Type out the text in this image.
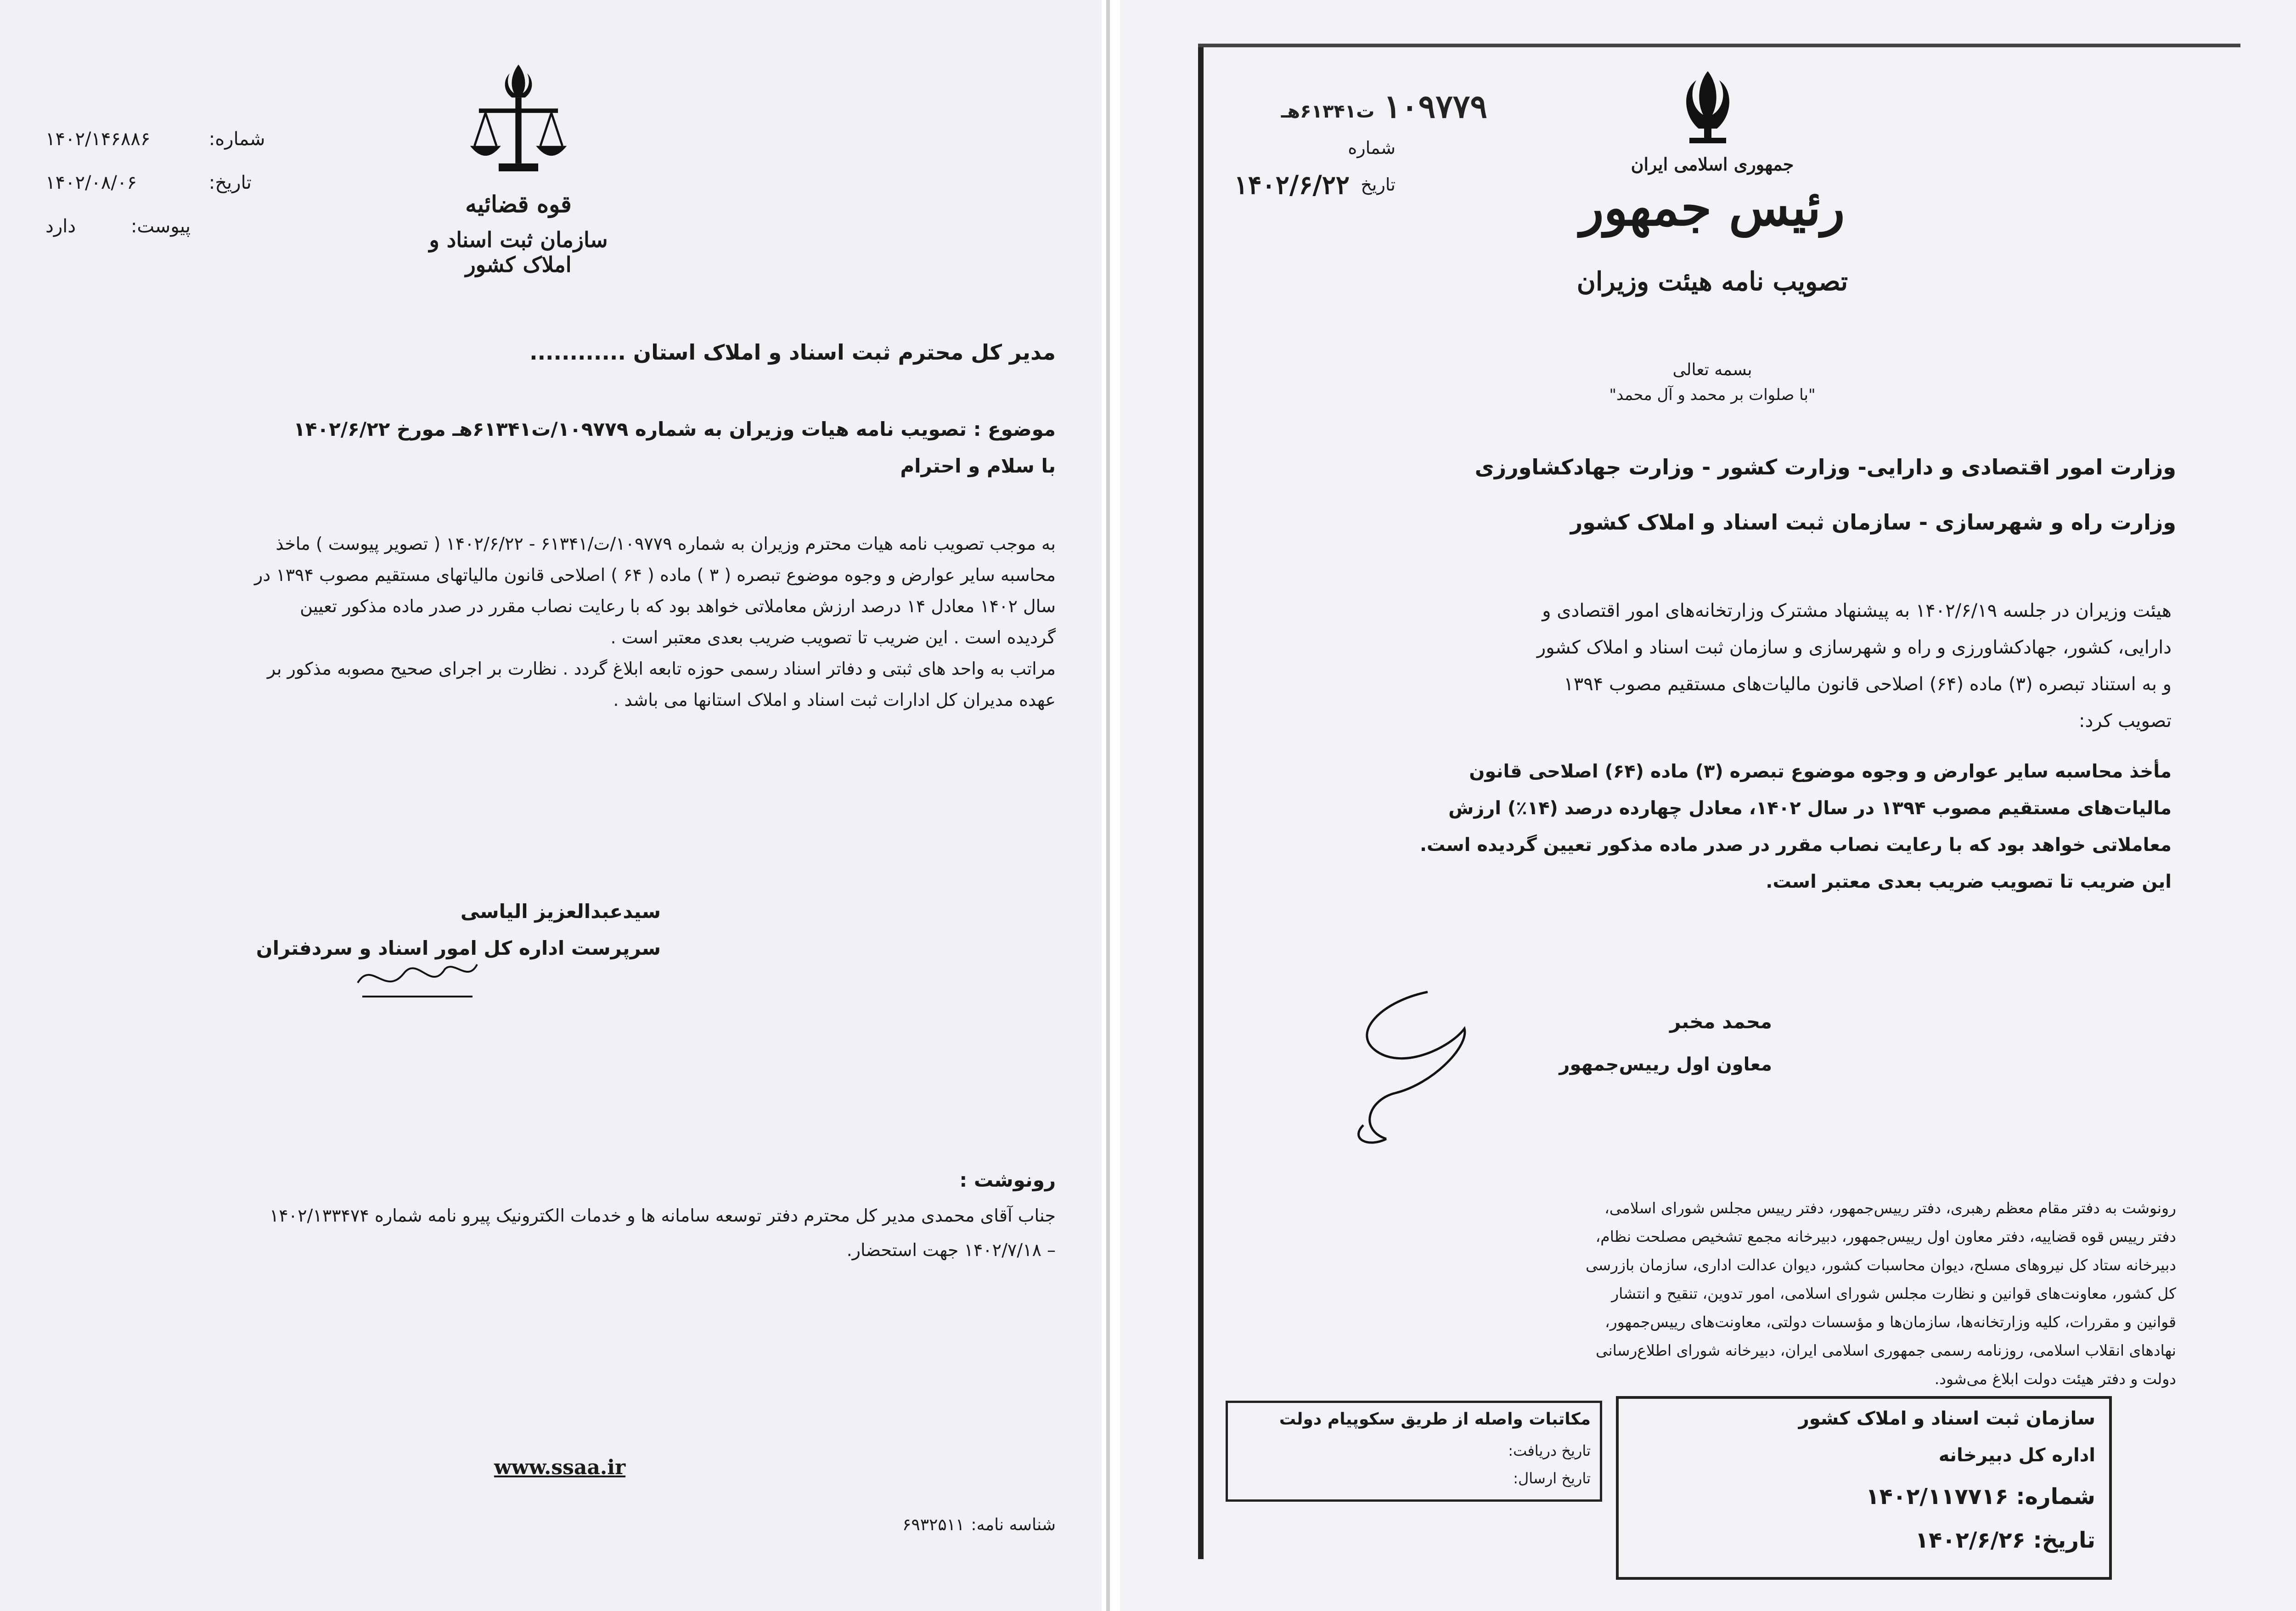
قوه قضائیه
سازمان ثبت اسناد و املاک کشور
شماره:
۱۴۰۲/۱۴۶۸۸۶
تاریخ:
۱۴۰۲/۰۸/۰۶
پیوست:
دارد
مدیر کل محترم ثبت اسناد و املاک استان ............
موضوع : تصویب نامه هیات وزیران به شماره ۱۰۹۷۷۹/ت۶۱۳۴۱هـ مورخ ۱۴۰۲/۶/۲۲
با سلام و احترام
به موجب تصویب نامه هیات محترم وزیران به شماره ۱۰۹۷۷۹/ت/۶۱۳۴۱ - ۱۴۰۲/۶/۲۲ ( تصویر پیوست ) ماخذ
محاسبه سایر عوارض و وجوه موضوع تبصره ( ۳ ) ماده ( ۶۴ ) اصلاحی قانون مالیاتهای مستقیم مصوب ۱۳۹۴ در
سال ۱۴۰۲ معادل ۱۴ درصد ارزش معاملاتی خواهد بود که با رعایت نصاب مقرر در صدر ماده مذکور تعیین
گردیده است . این ضریب تا تصویب ضریب بعدی معتبر است .
مراتب به واحد های ثبتی و دفاتر اسناد رسمی حوزه تابعه ابلاغ گردد . نظارت بر اجرای صحیح مصوبه مذکور بر
عهده مدیران کل ادارات ثبت اسناد و املاک استانها می باشد .
سیدعبدالعزیز الیاسی
سرپرست اداره کل امور اسناد و سردفتران
رونوشت :
جناب آقای محمدی مدیر کل محترم دفتر توسعه سامانه ها و خدمات الکترونیک پیرو نامه شماره ۱۴۰۲/۱۳۳۴۷۴
– ۱۴۰۲/۷/۱۸ جهت استحضار.
www.ssaa.ir
شناسه نامه:
۶۹۳۲۵۱۱
جمهوری اسلامی ایران
رئیس جمهور
تصویب نامه هیئت وزیران
۱۰۹۷۷۹
ت۶۱۳۴۱هـ
شماره
تاریخ
۱۴۰۲/۶/۲۲
بسمه تعالی
"با صلوات بر محمد و آل محمد"
وزارت امور اقتصادی و دارایی- وزارت کشور - وزارت جهادکشاورزی
وزارت راه و شهرسازی - سازمان ثبت اسناد و املاک کشور
هیئت وزیران در جلسه ۱۴۰۲/۶/۱۹ به پیشنهاد مشترک وزارتخانه‌های امور اقتصادی و
دارایی، کشور، جهادکشاورزی و راه و شهرسازی و سازمان ثبت اسناد و املاک کشور
و به استناد تبصره (۳) ماده (۶۴) اصلاحی قانون مالیات‌های مستقیم مصوب ۱۳۹۴
تصویب کرد:
مأخذ محاسبه سایر عوارض و وجوه موضوع تبصره (۳) ماده (۶۴) اصلاحی قانون
مالیات‌های مستقیم مصوب ۱۳۹۴ در سال ۱۴۰۲، معادل چهارده درصد (۱۴٪) ارزش
معاملاتی خواهد بود که با رعایت نصاب مقرر در صدر ماده مذکور تعیین گردیده است.
این ضریب تا تصویب ضریب بعدی معتبر است.
محمد مخبر
معاون اول رییس‌جمهور
رونوشت به دفتر مقام معظم رهبری، دفتر رییس‌جمهور، دفتر رییس مجلس شورای اسلامی،
دفتر رییس قوه قضاییه، دفتر معاون اول رییس‌جمهور، دبیرخانه مجمع تشخیص مصلحت نظام،
دبیرخانه ستاد کل نیروهای مسلح، دیوان محاسبات کشور، دیوان عدالت اداری، سازمان بازرسی
کل کشور، معاونت‌های قوانین و نظارت مجلس شورای اسلامی، امور تدوین، تنقیح و انتشار
قوانین و مقررات، کلیه وزارتخانه‌ها، سازمان‌ها و مؤسسات دولتی، معاونت‌های رییس‌جمهور،
نهادهای انقلاب اسلامی، روزنامه رسمی جمهوری اسلامی ایران، دبیرخانه شورای اطلاع‌رسانی
دولت و دفتر هیئت دولت ابلاغ می‌شود.
مکاتبات واصله از طریق سکوپیام دولت
تاریخ دریافت:
تاریخ ارسال:
سازمان ثبت اسناد و املاک کشور
اداره کل دبیرخانه
شماره: ۱۴۰۲/۱۱۷۷۱۶
تاریخ: ۱۴۰۲/۶/۲۶
